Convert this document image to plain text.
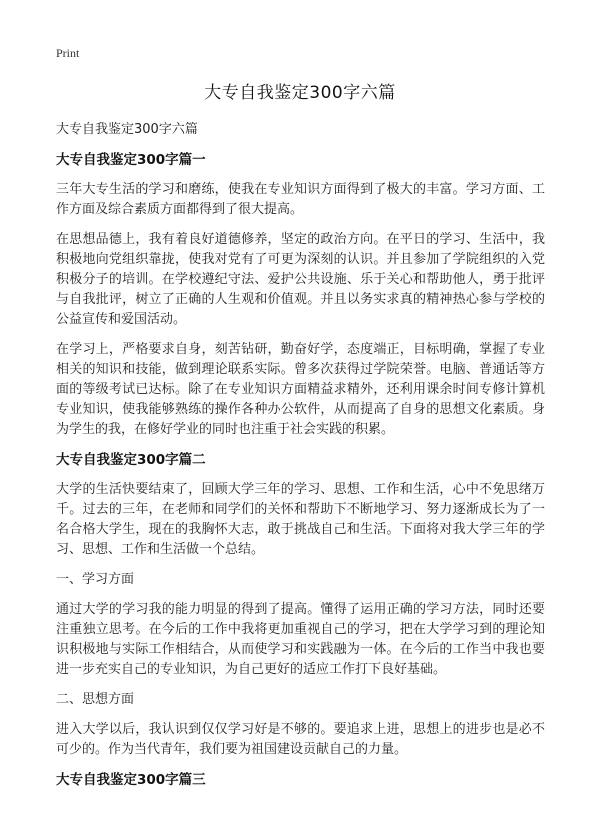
Print
大专自我鉴定300字六篇

大专自我鉴定300字六篇

大专自我鉴定300字篇一

三年大专生活的学习和磨练，使我在专业知识方面得到了极大的丰富。学习方面、工作方面及综合素质方面都得到了很大提高。

在思想品德上，我有着良好道德修养，坚定的政治方向。在平日的学习、生活中，我积极地向党组织靠拢，使我对党有了可更为深刻的认识。并且参加了学院组织的入党积极分子的培训。在学校遵纪守法、爱护公共设施、乐于关心和帮助他人，勇于批评与自我批评，树立了正确的人生观和价值观。并且以务实求真的精神热心参与学校的公益宣传和爱国活动。

在学习上，严格要求自身，刻苦钻研，勤奋好学，态度端正，目标明确，掌握了专业相关的知识和技能，做到理论联系实际。曾多次获得过学院荣誉。电脑、普通话等方面的等级考试已达标。除了在专业知识方面精益求精外，还利用课余时间专修计算机专业知识，使我能够熟练的操作各种办公软件，从而提高了自身的思想文化素质。身为学生的我，在修好学业的同时也注重于社会实践的积累。

大专自我鉴定300字篇二

大学的生活快要结束了，回顾大学三年的学习、思想、工作和生活，心中不免思绪万千。过去的三年，在老师和同学们的关怀和帮助下不断地学习、努力逐渐成长为了一名合格大学生，现在的我胸怀大志，敢于挑战自己和生活。下面将对我大学三年的学习、思想、工作和生活做一个总结。

一、学习方面

通过大学的学习我的能力明显的得到了提高。懂得了运用正确的学习方法，同时还要注重独立思考。在今后的工作中我将更加重视自己的学习，把在大学学习到的理论知识积极地与实际工作相结合，从而使学习和实践融为一体。在今后的工作当中我也要进一步充实自己的专业知识，为自己更好的适应工作打下良好基础。

二、思想方面

进入大学以后，我认识到仅仅学习好是不够的。要追求上进，思想上的进步也是必不可少的。作为当代青年，我们要为祖国建设贡献自己的力量。

大专自我鉴定300字篇三
